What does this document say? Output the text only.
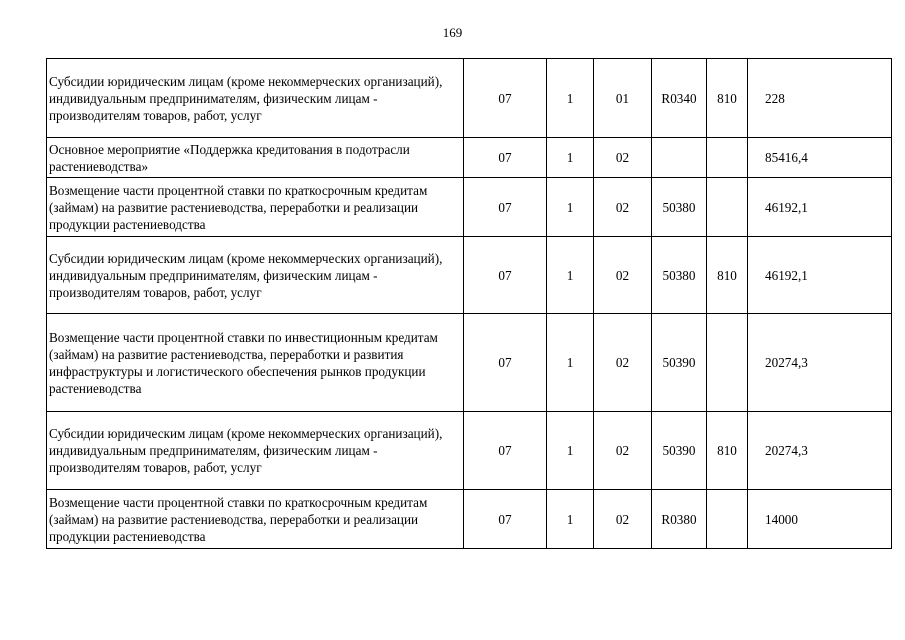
169
Субсидии юридическим лицам (кроме некоммерческих организаций), индивидуальным предпринимателям, физическим лицам - производителям товаров, работ, услуг	07	1	01	R0340	810	228

Основное мероприятие «Поддержка кредитования в подотрасли растениеводства»	07	1	02			85416,4

Возмещение части процентной ставки по краткосрочным кредитам (займам) на развитие растениеводства, переработки и реализации продукции растениеводства	07	1	02	50380		46192,1

Субсидии юридическим лицам (кроме некоммерческих организаций), индивидуальным предпринимателям, физическим лицам - производителям товаров, работ, услуг	07	1	02	50380	810	46192,1

Возмещение части процентной ставки по инвестиционным кредитам (займам) на развитие растениеводства, переработки и развития инфраструктуры и логистического обеспечения рынков продукции растениеводства	07	1	02	50390		20274,3

Субсидии юридическим лицам (кроме некоммерческих организаций), индивидуальным предпринимателям, физическим лицам - производителям товаров, работ, услуг	07	1	02	50390	810	20274,3

Возмещение части процентной ставки по краткосрочным кредитам (займам) на развитие растениеводства, переработки и реализации продукции растениеводства	07	1	02	R0380		14000
